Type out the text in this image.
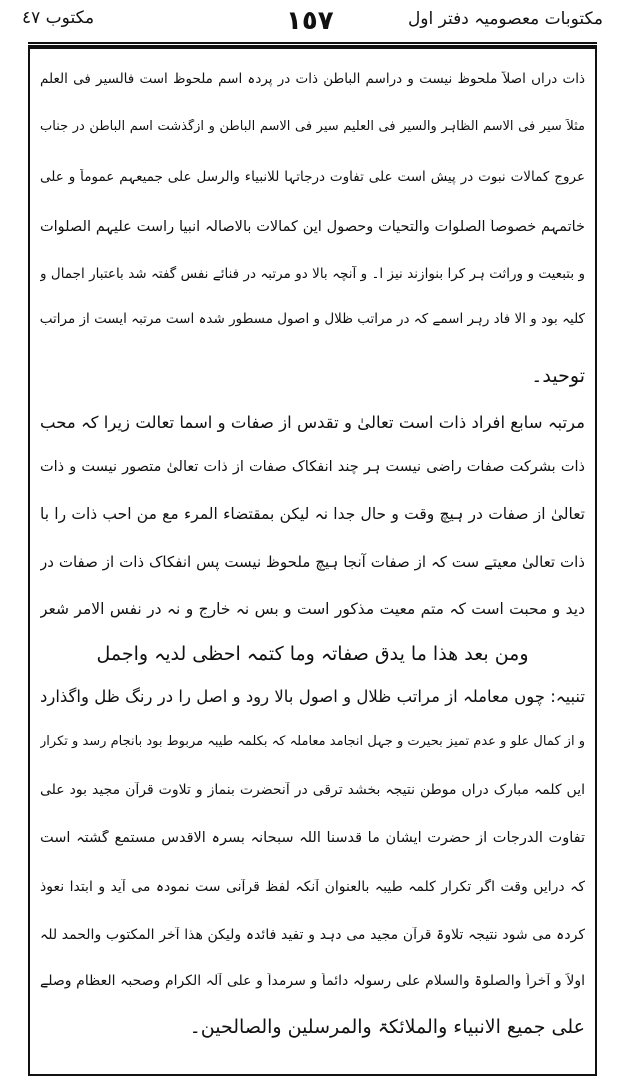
مکتوب ٤٧	١٥٧	مکتوبات معصومیہ دفتر اول
ذات دراں اصلاً ملحوظ نیست و دراسم الباطن ذات در پردہ اسم ملحوظ است فالسیر فی العلم
مثلاً سیر فی الاسم الظاہر والسیر فی العلیم سیر فی الاسم الباطن و ازگذشت اسم الباطن در جناب
عروج کمالات نبوت در پیش است علی تفاوت درجاتہا للانبیاء والرسل علی جمیعہم عموماً و علی
خاتمہم خصوصاً الصلوات والتحیات وحصول این کمالات بالاصالہ انبیا راست علیہم الصلوات
و بتبعیت و وراثت ہر کرا بنوازند نیز ا۔ و آنچہ بالا دو مرتبہ در فنائے نفس گفتہ شد باعتبار اجمال و
کلیہ بود و الا فاد رہر اسمے کہ در مراتب ظلال و اصول مسطور شدہ است مرتبہ ایست از مراتب
توحید۔
مرتبہ سابع افراد ذات است تعالیٰ و تقدس از صفات و اسما تعالت زیرا کہ محب
ذات بشرکت صفات راضی نیست ہر چند انفکاک صفات از ذات تعالیٰ متصور نیست و ذات
تعالیٰ از صفات در ہیچ وقت و حال جدا نہ لیکن بمقتضاء المرء مع من احب ذات را با
ذات تعالیٰ معیتے ست کہ از صفات آنجا ہیچ ملحوظ نیست پس انفکاک ذات از صفات در
دید و محبت است کہ متم معیت مذکور است و بس نہ خارج و نہ در نفس الامر شعر
ومن بعد ھذا ما یدق صفاتہ وما کتمہ احظی لدیہ واجمل
تنبیہ: چوں معاملہ از مراتب ظلال و اصول بالا رود و اصل را در رنگ ظل واگذارد
و از کمال علو و عدم تمیز بحیرت و جہل انجامد معاملہ کہ بکلمہ طیبہ مربوط بود بانجام رسد و تکرار
ایں کلمہ مبارک دراں موطن نتیجہ بخشد ترقی در آنحضرت بنماز و تلاوت قرآن مجید بود علی
تفاوت الدرجات از حضرت ایشان ما قدسنا اللہ سبحانہ بسرہ الاقدس مستمع گشتہ است
کہ درایں وقت اگر تکرار کلمہ طیبہ بالعنوان آنکہ لفظ قرآنی ست نمودہ می آید و ابتدا نعوذ
کردہ می شود نتیجہ تلاوۃ قرآن مجید می دہد و تفید فائدہ ولیکن ھذا آخر المکتوب والحمد للہ
اولاً و آخراً والصلوۃ والسلام علی رسولہ دائماً و سرمداً و علی آلہ الکرام وصحبہ العظام وصلے
علی جمیع الانبیاء والملائکۃ والمرسلین والصالحین۔
